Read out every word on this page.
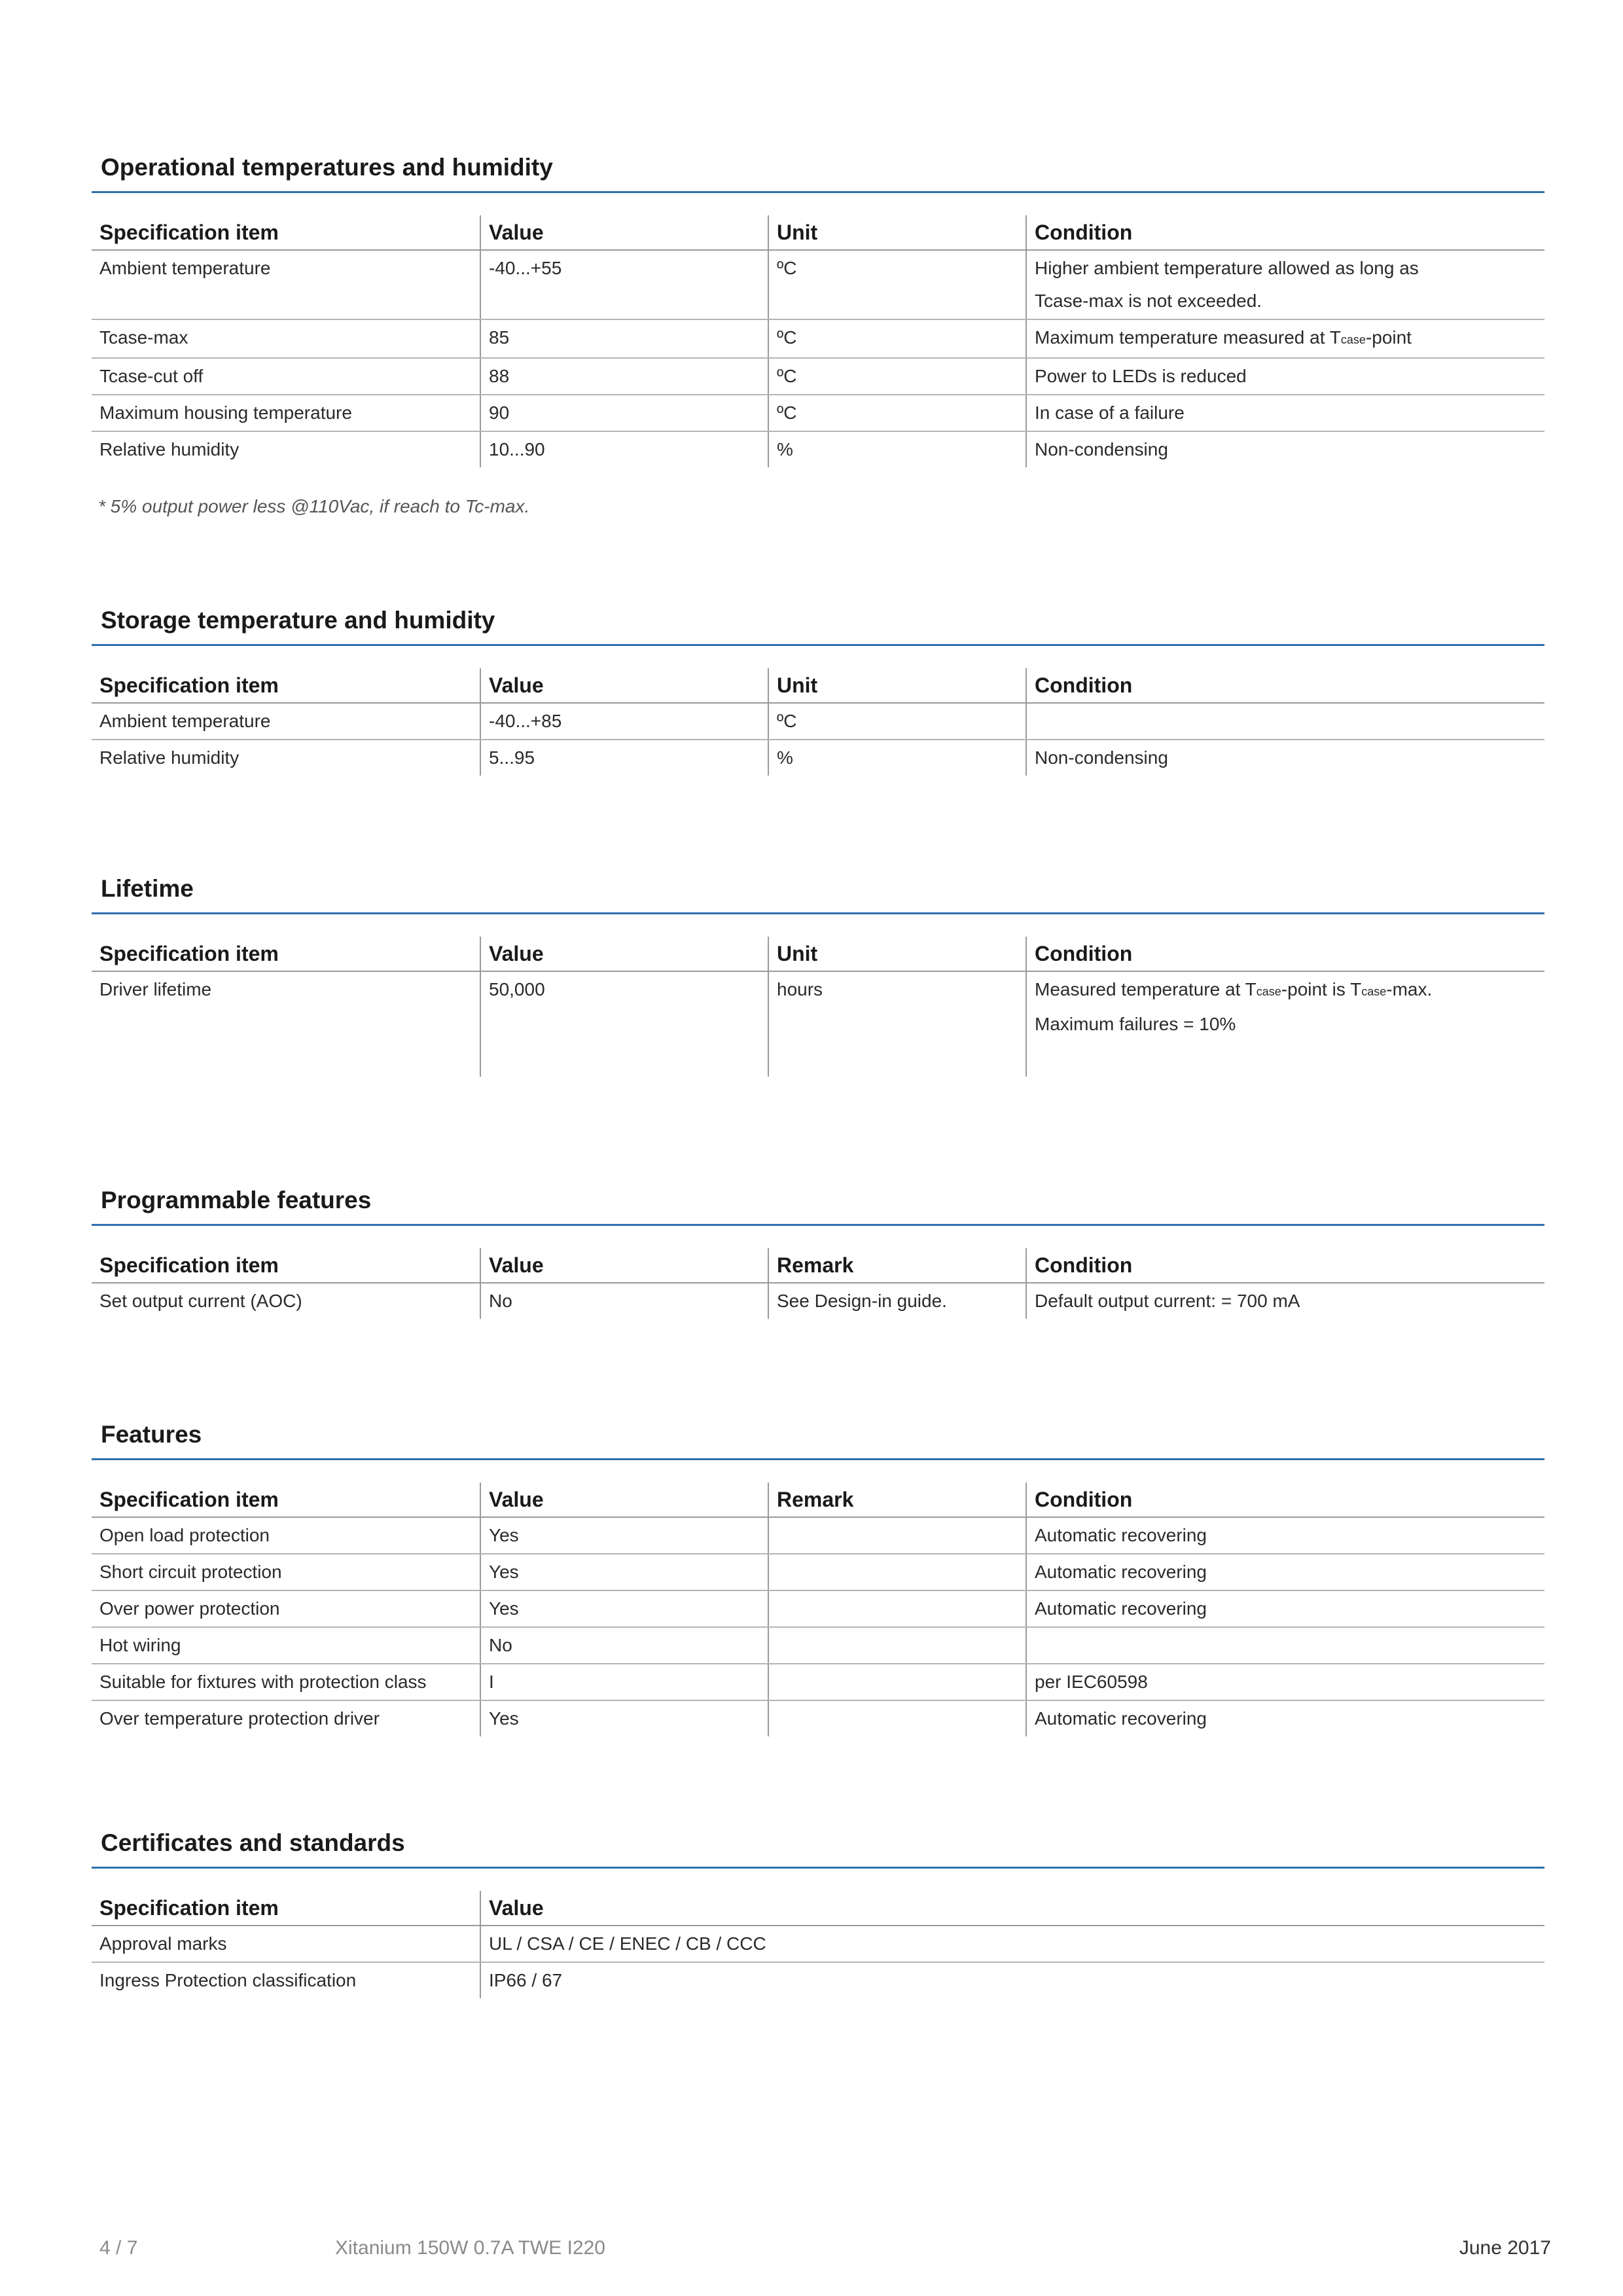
Operational temperatures and humidity
Specification item	Value	Unit	Condition
Ambient temperature	-40...+55	ºC	Higher ambient temperature allowed as long as
Tcase-max is not exceeded.

Tcase-max	85	ºC	Maximum temperature measured at Tcase-point
Tcase-cut off	88	ºC	Power to LEDs is reduced
Maximum housing temperature	90	ºC	In case of a failure
Relative humidity	10...90	%	Non-condensing
* 5% output power less @110Vac, if reach to Tc-max.
Storage temperature and humidity
Specification item	Value	Unit	Condition
Ambient temperature	-40...+85	ºC	
Relative humidity	5...95	%	Non-condensing
Lifetime
Specification item	Value	Unit	Condition
Driver lifetime	50,000	hours	Measured temperature at Tcase-point is Tcase-max.
Maximum failures = 10%
Programmable features
Specification item	Value	Remark	Condition
Set output current (AOC)	No	See Design-in guide.	Default output current: = 700 mA
Features
Specification item	Value	Remark	Condition
Open load protection	Yes		Automatic recovering
Short circuit protection	Yes		Automatic recovering
Over power protection	Yes		Automatic recovering
Hot wiring	No		
Suitable for fixtures with protection class	I		per IEC60598
Over temperature protection driver	Yes		Automatic recovering
Certificates and standards
Specification item	Value
Approval marks	UL / CSA / CE / ENEC / CB / CCC
Ingress Protection classification	IP66 / 67
4 / 7	Xitanium 150W 0.7A TWE I220	June 2017
